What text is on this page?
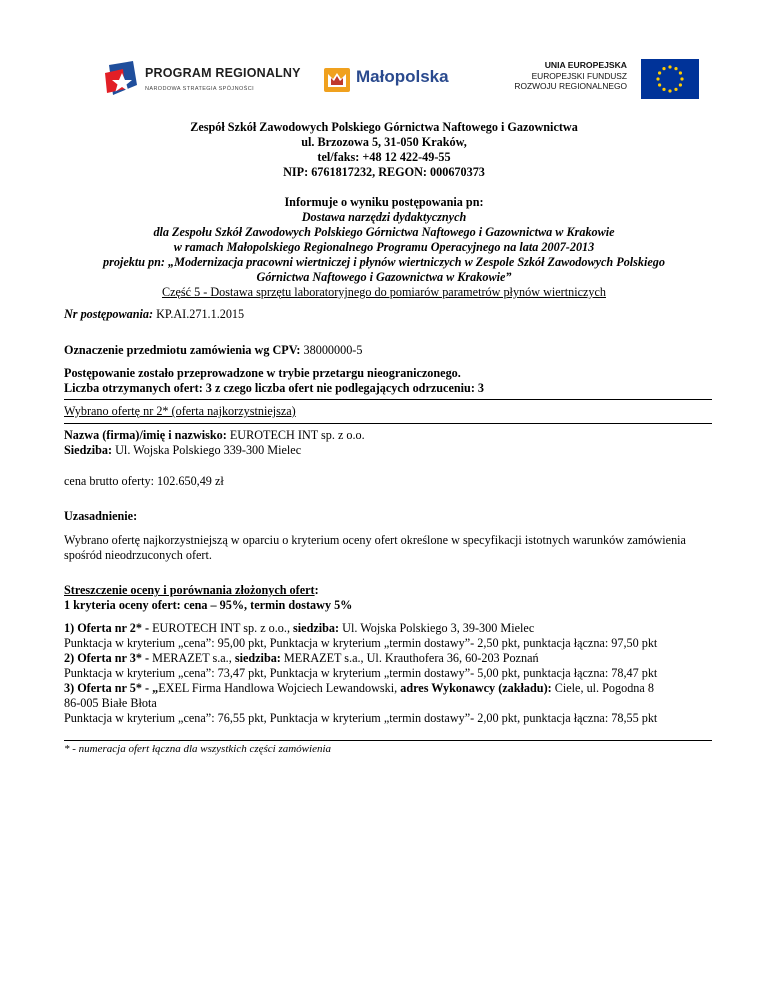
PROGRAM REGIONALNY
NARODOWA STRATEGIA SPÓJNOŚCI
Małopolska
UNIA EUROPEJSKA
EUROPEJSKI FUNDUSZ
ROZWOJU REGIONALNEGO
Zespół Szkół Zawodowych Polskiego Górnictwa Naftowego i Gazownictwa
ul. Brzozowa 5, 31-050 Kraków,
tel/faks: +48 12 422-49-55
NIP: 6761817232, REGON: 000670373
Informuje o wyniku postępowania pn:
Dostawa narzędzi dydaktycznych
dla Zespołu Szkół Zawodowych Polskiego Górnictwa Naftowego i Gazownictwa w Krakowie
w ramach Małopolskiego Regionalnego Programu Operacyjnego na lata 2007-2013
projektu pn: „Modernizacja pracowni wiertniczej i płynów wiertniczych w Zespole Szkół Zawodowych Polskiego
Górnictwa Naftowego i Gazownictwa w Krakowie”
Część 5 - Dostawa sprzętu laboratoryjnego do pomiarów parametrów płynów wiertniczych
Nr postępowania: KP.AI.271.1.2015
Oznaczenie przedmiotu zamówienia wg CPV: 38000000-5
Postępowanie zostało przeprowadzone w trybie przetargu nieograniczonego.
Liczba otrzymanych ofert: 3 z czego liczba ofert nie podlegających odrzuceniu: 3
Wybrano ofertę nr 2* (oferta najkorzystniejsza)
Nazwa (firma)/imię i nazwisko: EUROTECH INT sp. z o.o.
Siedziba: Ul. Wojska Polskiego 339-300 Mielec
cena brutto oferty: 102.650,49 zł
Uzasadnienie:
Wybrano ofertę najkorzystniejszą w oparciu o kryterium oceny ofert określone w specyfikacji istotnych warunków zamówienia spośród nieodrzuconych ofert.
Streszczenie oceny i porównania złożonych ofert:
1 kryteria oceny ofert: cena – 95%, termin dostawy 5%
1) Oferta nr 2* - EUROTECH INT sp. z o.o., siedziba: Ul. Wojska Polskiego 3, 39-300 Mielec
Punktacja w kryterium „cena”: 95,00 pkt, Punktacja w kryterium „termin dostawy”- 2,50 pkt, punktacja łączna: 97,50 pkt
2) Oferta nr 3* - MERAZET s.a., siedziba: MERAZET s.a., Ul. Krauthofera 36, 60-203 Poznań
Punktacja w kryterium „cena”: 73,47 pkt, Punktacja w kryterium „termin dostawy”- 5,00 pkt, punktacja łączna: 78,47 pkt
3) Oferta nr 5* - „EXEL Firma Handlowa Wojciech Lewandowski, adres Wykonawcy (zakładu): Ciele, ul. Pogodna 8
86-005 Białe Błota
Punktacja w kryterium „cena”: 76,55 pkt, Punktacja w kryterium „termin dostawy”- 2,00 pkt, punktacja łączna: 78,55 pkt
* - numeracja ofert łączna dla wszystkich części zamówienia
